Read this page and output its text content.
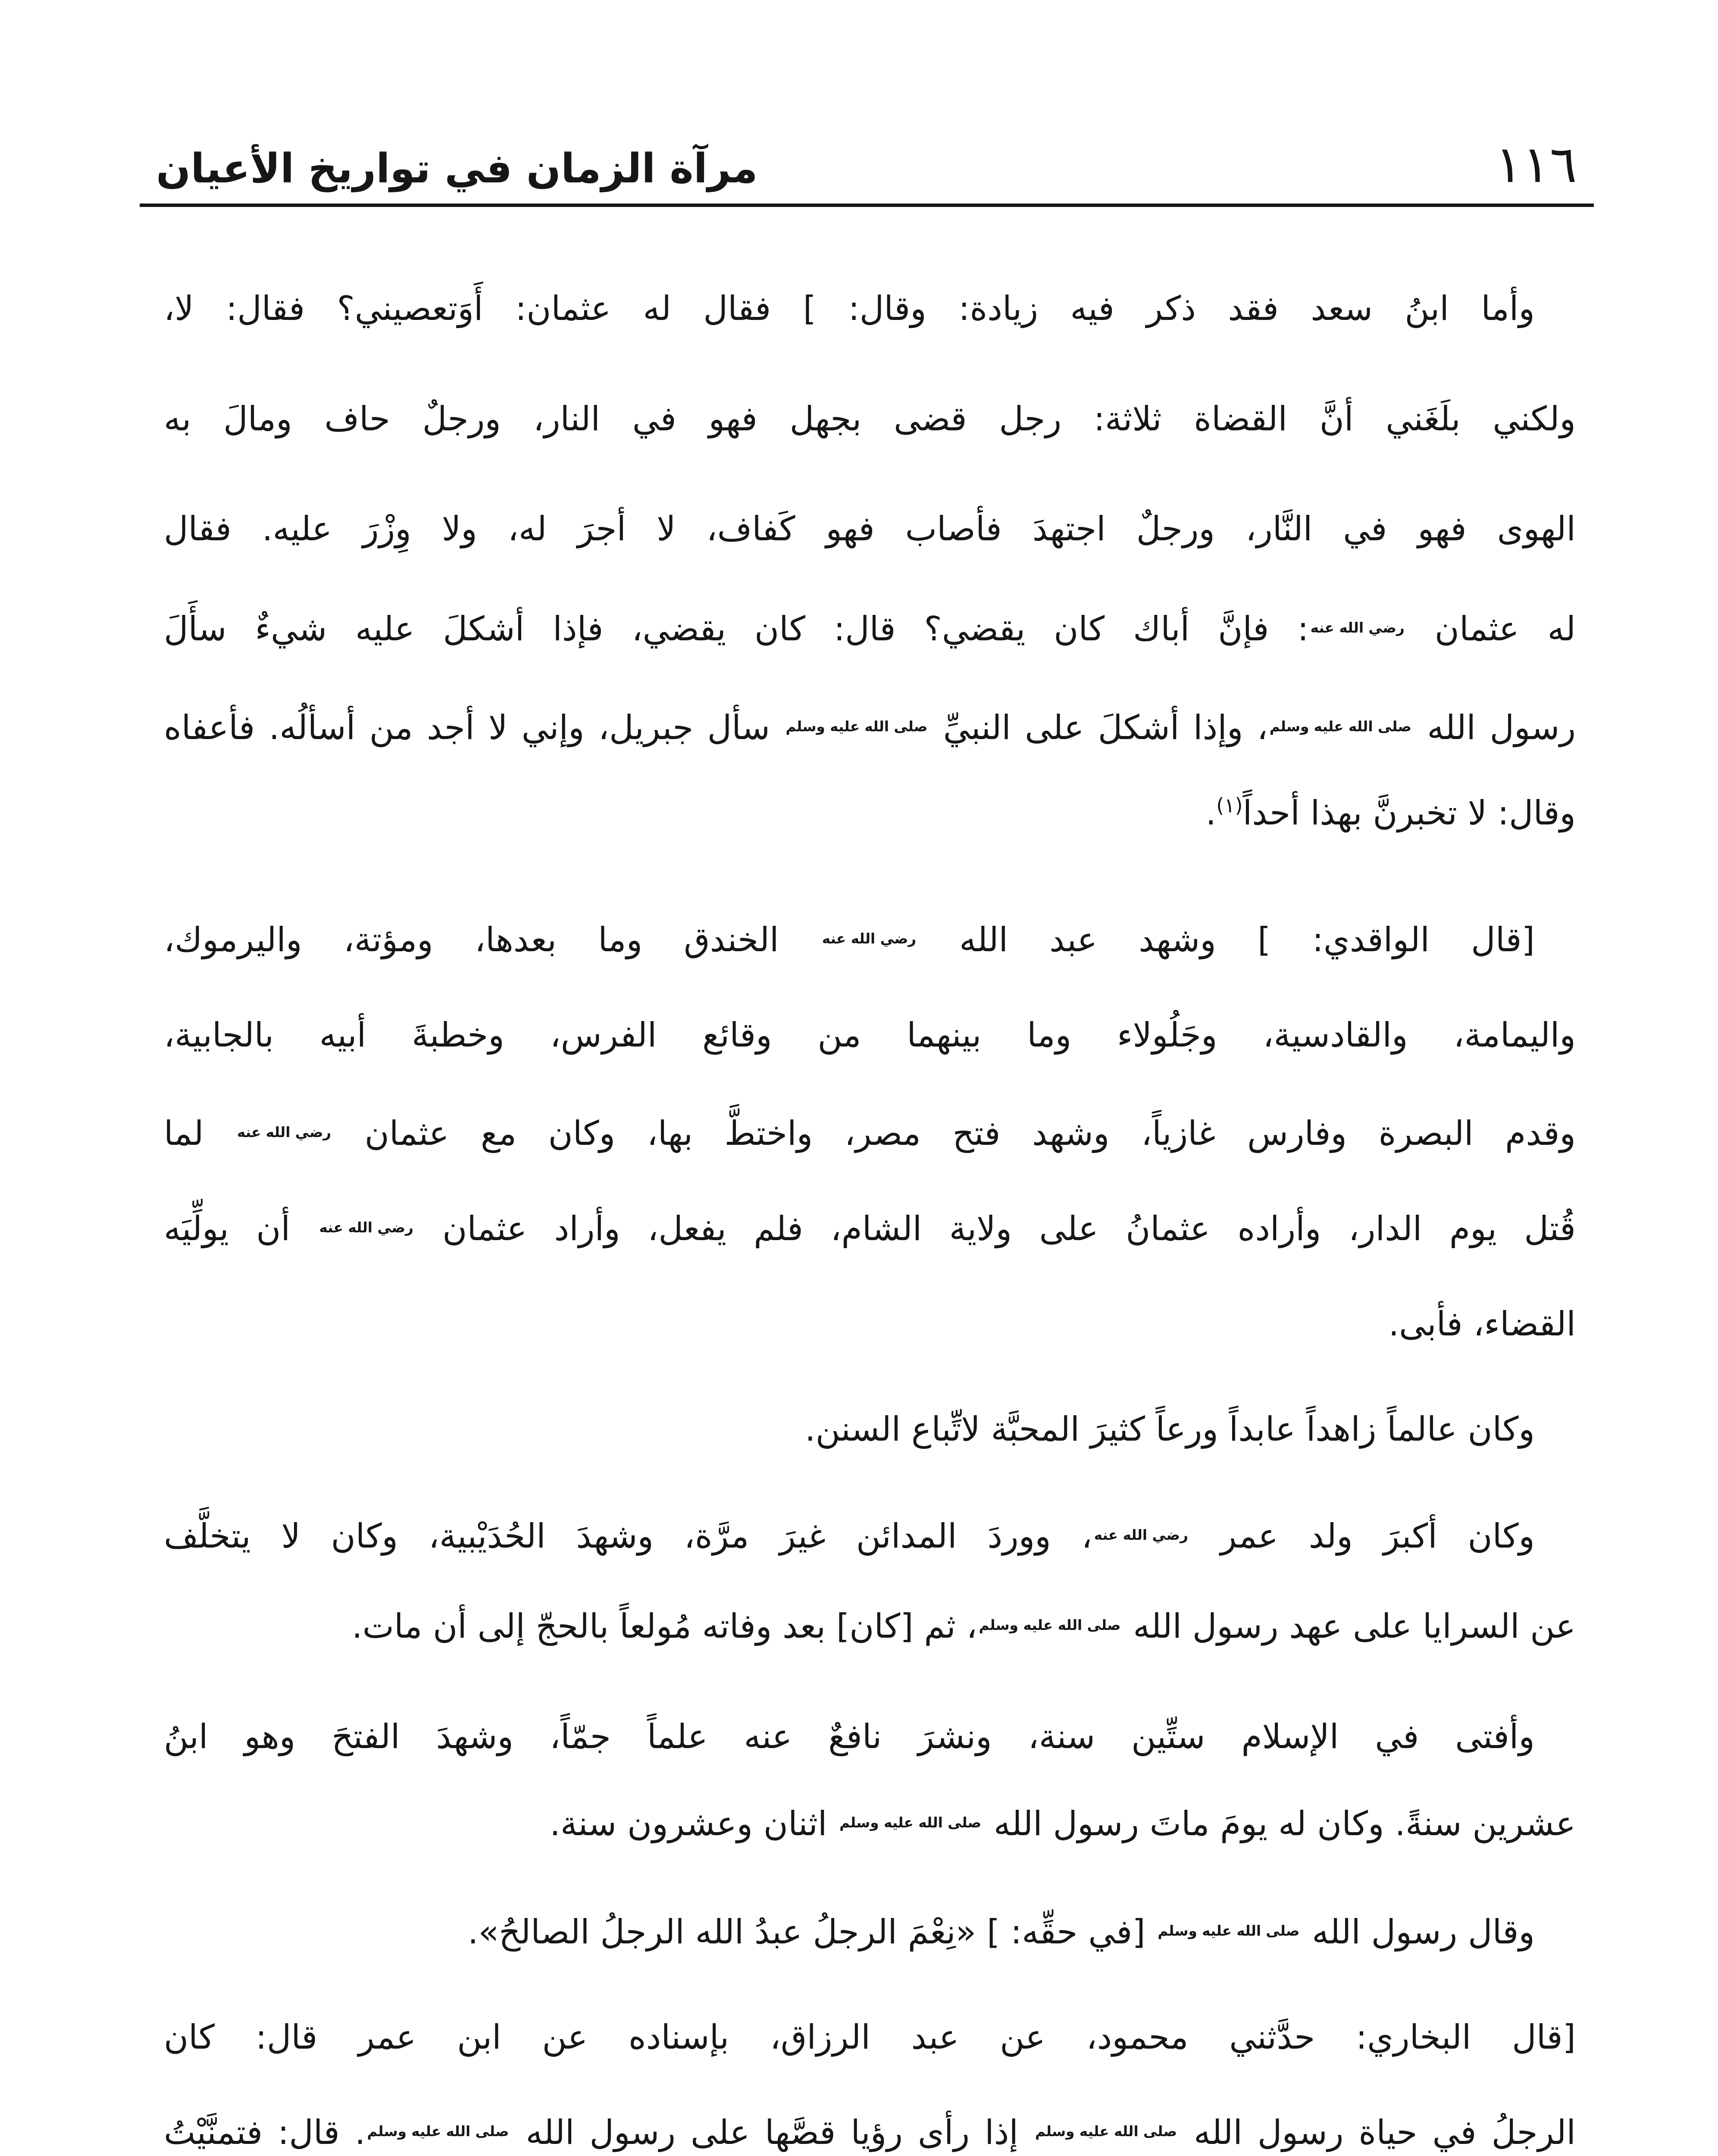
مرآة الزمان في تواريخ الأعيان	١١٦
وأما ابنُ سعد فقد ذكر فيه زيادة: وقال: ] فقال له عثمان: أَوَتعصيني؟ فقال: لا،
ولكني بلَغَني أنَّ القضاة ثلاثة: رجل قضى بجهل فهو في النار، ورجلٌ حاف ومالَ به
الهوى فهو في النَّار، ورجلٌ اجتهدَ فأصاب فهو كَفاف، لا أجرَ له، ولا وِزْرَ عليه. فقال
له عثمان رضي الله عنه: فإنَّ أباك كان يقضي؟ قال: كان يقضي، فإذا أشكلَ عليه شيءٌ سأَلَ
رسول الله صلى الله عليه وسلم، وإذا أشكلَ على النبيِّ صلى الله عليه وسلم سأل جبريل، وإني لا أجد من أسألُه. فأعفاه
وقال: لا تخبرنَّ بهذا أحداً$^{(١)}$.
[قال الواقدي: ] وشهد عبد الله رضي الله عنه الخندق وما بعدها، ومؤتة، واليرموك،
واليمامة، والقادسية، وجَلُولاء وما بينهما من وقائع الفرس، وخطبةَ أبيه بالجابية،
وقدم البصرة وفارس غازياً، وشهد فتح مصر، واختطَّ بها، وكان مع عثمان رضي الله عنه لما
قُتل يوم الدار، وأراده عثمانُ على ولاية الشام، فلم يفعل، وأراد عثمان رضي الله عنه أن يولِّيَه
القضاء، فأبى.
وكان عالماً زاهداً عابداً ورعاً كثيرَ المحبَّة لاتِّباع السنن.
وكان أكبرَ ولد عمر رضي الله عنه، ووردَ المدائن غيرَ مرَّة، وشهدَ الحُدَيْبية، وكان لا يتخلَّف
عن السرايا على عهد رسول الله صلى الله عليه وسلم، ثم [كان] بعد وفاته مُولعاً بالحجّ إلى أن مات.
وأفتى في الإسلام ستِّين سنة، ونشرَ نافعٌ عنه علماً جمّاً، وشهدَ الفتحَ وهو ابنُ
عشرين سنةً. وكان له يومَ ماتَ رسول الله صلى الله عليه وسلم اثنان وعشرون سنة.
وقال رسول الله صلى الله عليه وسلم [في حقِّه: ] «نِعْمَ الرجلُ عبدُ الله الرجلُ الصالحُ».
[قال البخاري: حدَّثني محمود، عن عبد الرزاق، بإسناده عن ابن عمر قال: كان
الرجلُ في حياة رسول الله صلى الله عليه وسلم إذا رأى رؤيا قصَّها على رسول الله صلى الله عليه وسلم. قال: فتمنَّيْتُ
